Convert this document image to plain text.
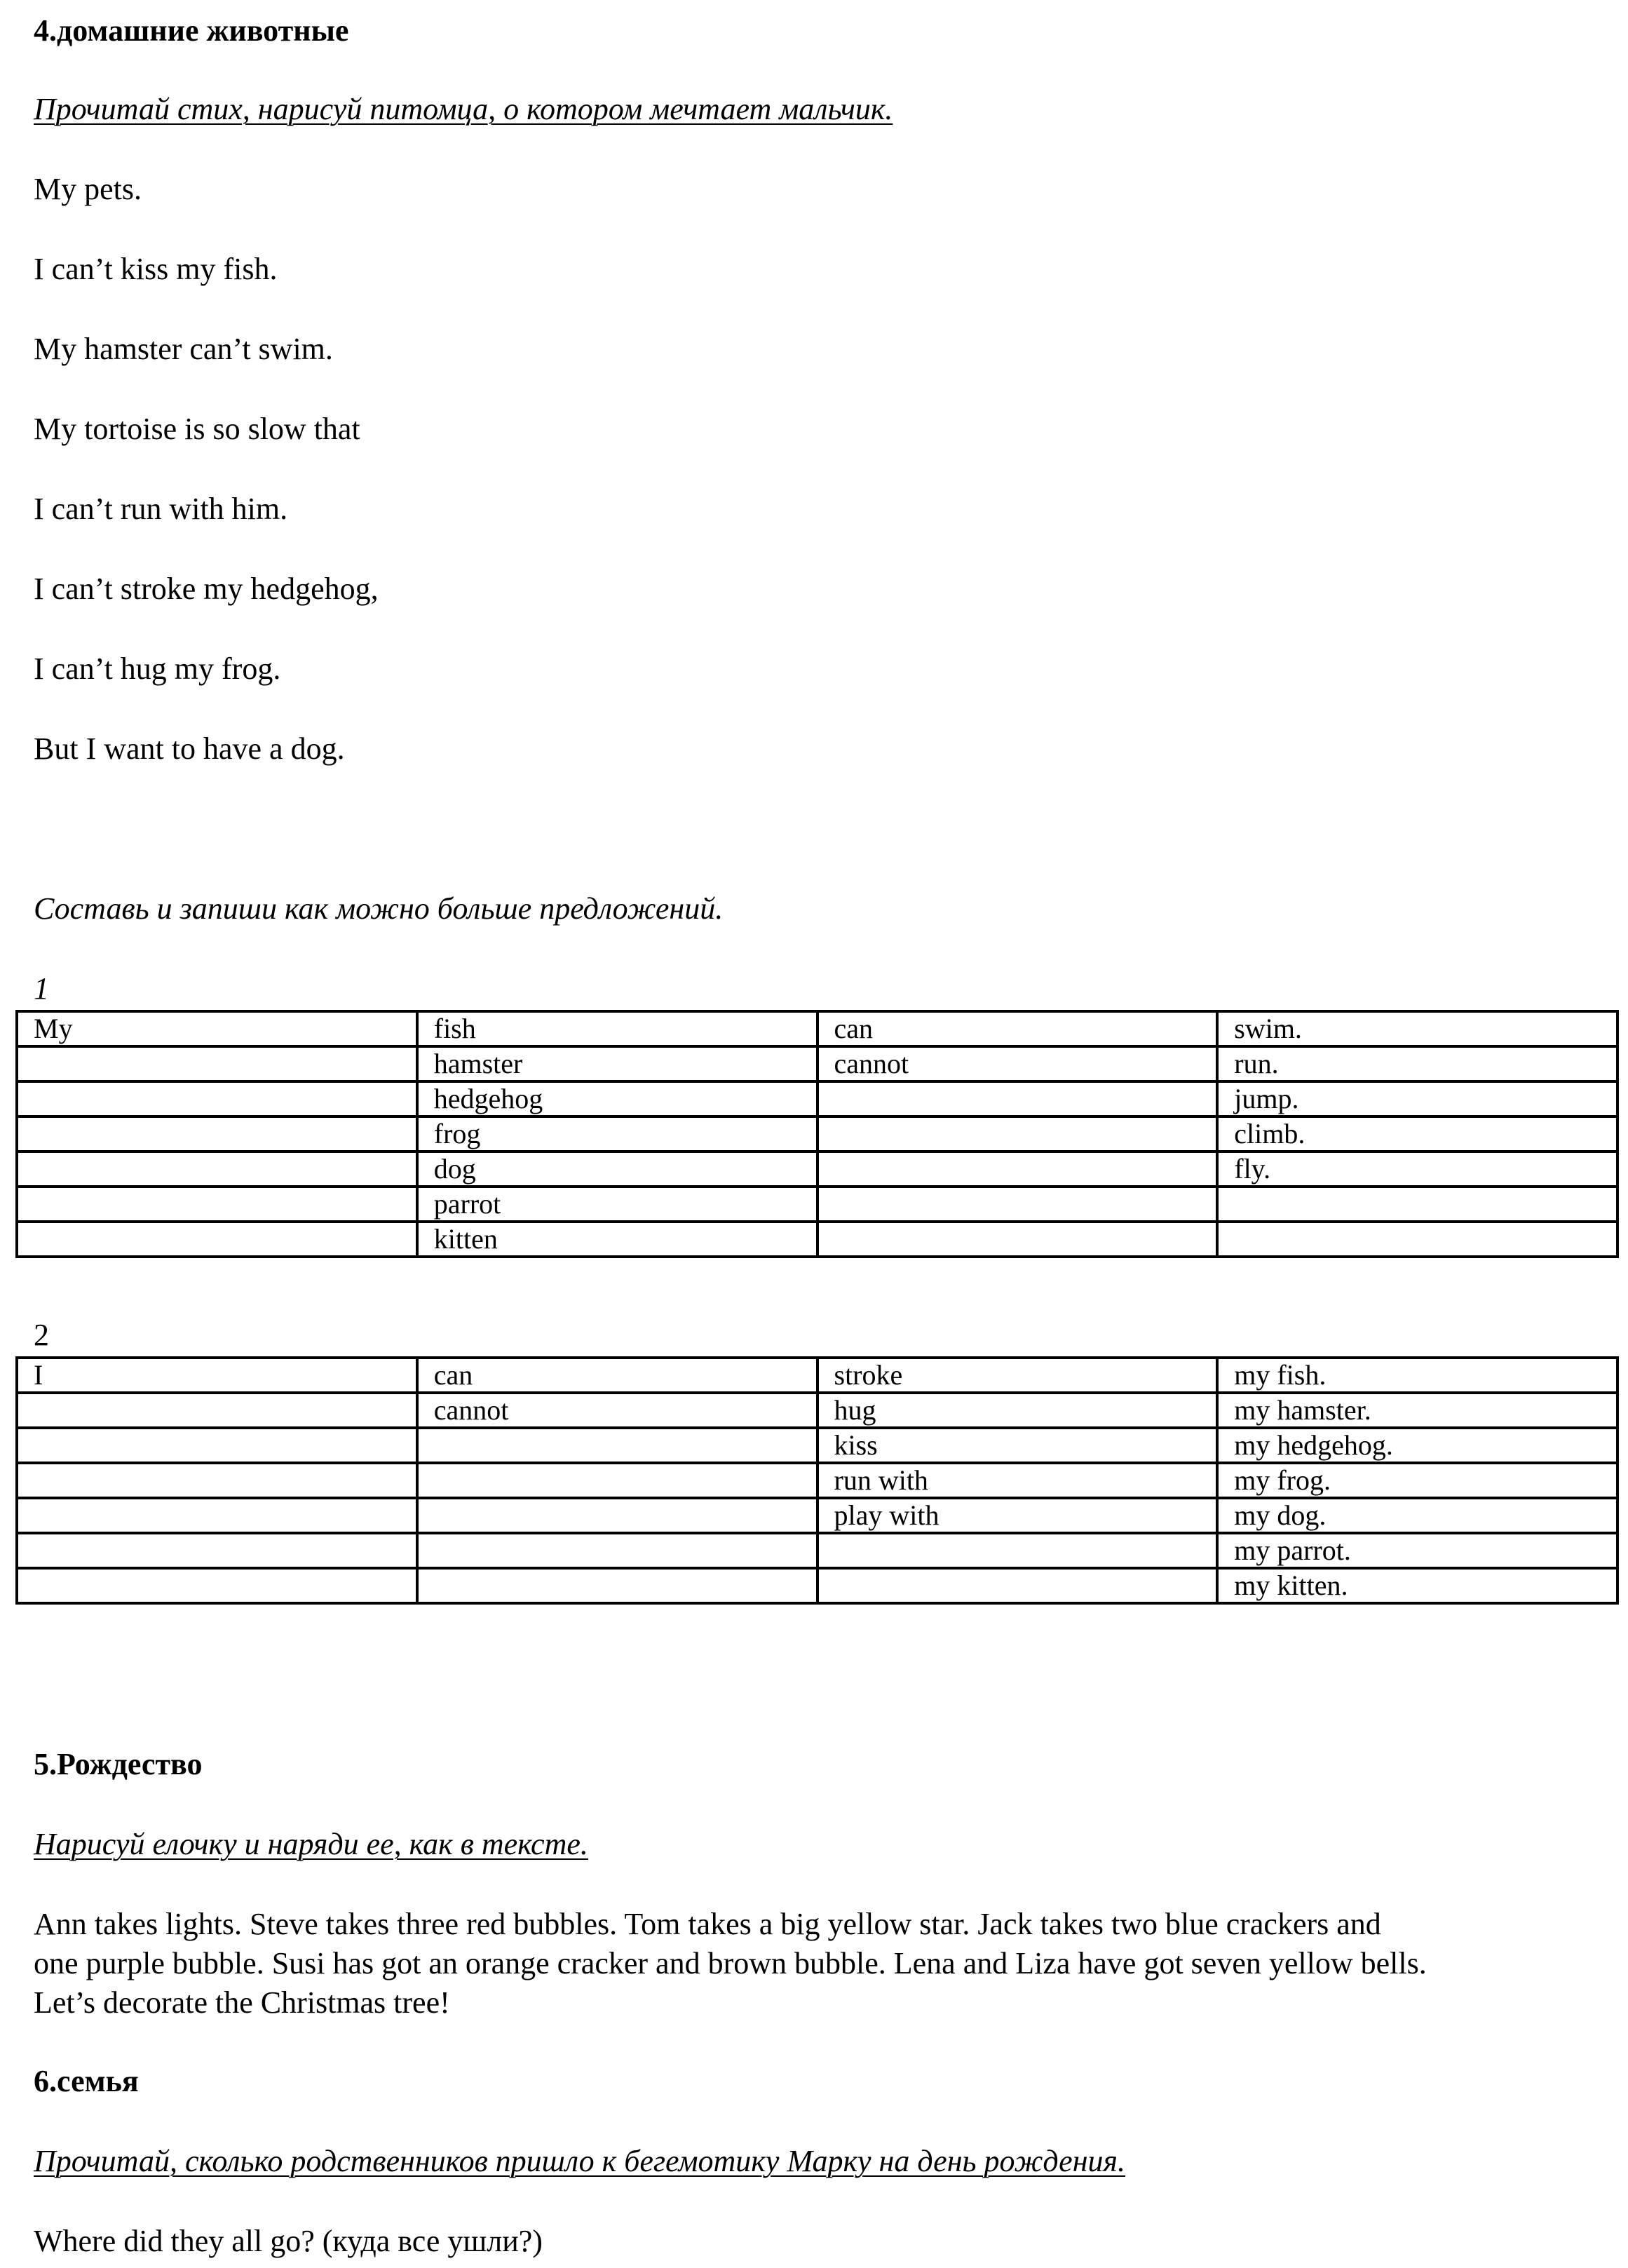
4.домашние животные

Прочитай стих, нарисуй питомца, о котором мечтает мальчик.

My pets.

I can’t kiss my fish.

My hamster can’t swim.

My tortoise is so slow that

I can’t run with him.

I can’t stroke my hedgehog,

I can’t hug my frog.

But I want to have a dog.

Составь и запиши как можно больше предложений.

1

My	fish	can	swim.
	hamster	cannot	run.
	hedgehog		jump.
	frog		climb.
	dog		fly.
	parrot		
	kitten		

2

I	can	stroke	my fish.
	cannot	hug	my hamster.
		kiss	my hedgehog.
		run with	my frog.
		play with	my dog.
			my parrot.
			my kitten.

5.Рождество

Нарисуй елочку и наряди ее, как в тексте.

Ann takes lights. Steve takes three red bubbles. Tom takes a big yellow star. Jack takes two blue crackers and
one purple bubble. Susi has got an orange cracker and brown bubble. Lena and Liza have got seven yellow bells.
Let’s decorate the Christmas tree!

6.семья

Прочитай, сколько родственников пришло к бегемотику Марку на день рождения.

Where did they all go? (куда все ушли?)
